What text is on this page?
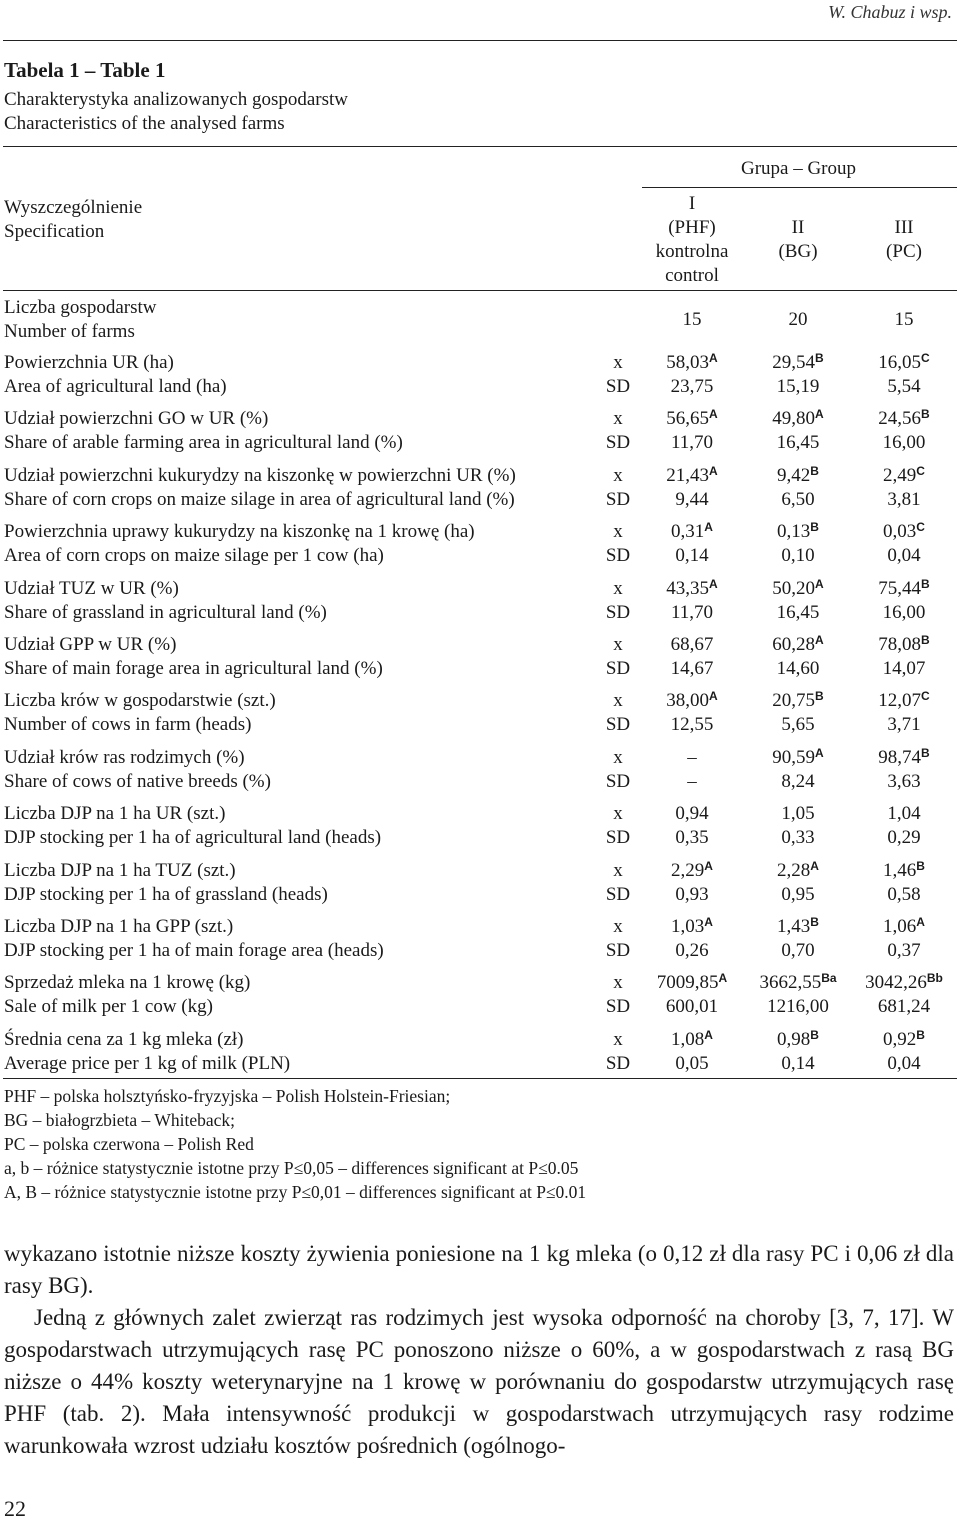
W. Chabuz i wsp.
Tabela 1 – Table 1
Charakterystyka analizowanych gospodarstw
Characteristics of the analysed farms
Grupa – Group
Wyszczególnienie
Specification
I
(PHF)
kontrolna
control
II
(BG)
III
(PC)
Liczba gospodarstw
Number of farms
15	20	15
Powierzchnia UR (ha)
Area of agricultural land (ha)
x
SD
$58,03^A$
23,75
$29,54^B$
15,19
$16,05^C$
5,54
Udział powierzchni GO w UR (%)
Share of arable farming area in agricultural land (%)
x
SD
$56,65^A$
11,70
$49,80^A$
16,45
$24,56^B$
16,00
Udział powierzchni kukurydzy na kiszonkę w powierzchni UR (%)
Share of corn crops on maize silage in area of agricultural land (%)
x
SD
$21,43^A$
9,44
$9,42^B$
6,50
$2,49^C$
3,81
Powierzchnia uprawy kukurydzy na kiszonkę na 1 krowę (ha)
Area of corn crops on maize silage per 1 cow (ha)
x
SD
$0,31^A$
0,14
$0,13^B$
0,10
$0,03^C$
0,04
Udział TUZ w UR (%)
Share of grassland in agricultural land (%)
x
SD
$43,35^A$
11,70
$50,20^A$
16,45
$75,44^B$
16,00
Udział GPP w UR (%)
Share of main forage area in agricultural land (%)
x
SD
68,67
14,67
$60,28^A$
14,60
$78,08^B$
14,07
Liczba krów w gospodarstwie (szt.)
Number of cows in farm (heads)
x
SD
$38,00^A$
12,55
$20,75^B$
5,65
$12,07^C$
3,71
Udział krów ras rodzimych (%)
Share of cows of native breeds (%)
x
SD
–
–
$90,59^A$
8,24
$98,74^B$
3,63
Liczba DJP na 1 ha UR (szt.)
DJP stocking per 1 ha of agricultural land (heads)
x
SD
0,94
0,35
1,05
0,33
1,04
0,29
Liczba DJP na 1 ha TUZ (szt.)
DJP stocking per 1 ha of grassland (heads)
x
SD
$2,29^A$
0,93
$2,28^A$
0,95
$1,46^B$
0,58
Liczba DJP na 1 ha GPP (szt.)
DJP stocking per 1 ha of main forage area (heads)
x
SD
$1,03^A$
0,26
$1,43^B$
0,70
$1,06^A$
0,37
Sprzedaż mleka na 1 krowę (kg)
Sale of milk per 1 cow (kg)
x
SD
$7009,85^A$
600,01
$3662,55^{Ba}$
1216,00
$3042,26^{Bb}$
681,24
Średnia cena za 1 kg mleka (zł)
Average price per 1 kg of milk (PLN)
x
SD
$1,08^A$
0,05
$0,98^B$
0,14
$0,92^B$
0,04
PHF – polska holsztyńsko-fryzyjska – Polish Holstein-Friesian;
BG – białogrzbieta – Whiteback;
PC – polska czerwona – Polish Red
a, b – różnice statystycznie istotne przy P≤0,05 – differences significant at P≤0.05
A, B – różnice statystycznie istotne przy P≤0,01 – differences significant at P≤0.01

wykazano istotnie niższe koszty żywienia poniesione na 1 kg mleka (o 0,12 zł dla rasy PC i 0,06 zł dla rasy BG).

Jedną z głównych zalet zwierząt ras rodzimych jest wysoka odporność na choroby [3, 7, 17]. W gospodarstwach utrzymujących rasę PC ponoszono niższe o 60%, a w gospodarstwach z rasą BG niższe o 44% koszty weterynaryjne na 1 krowę w porównaniu do gospodarstw utrzymujących rasę PHF (tab. 2). Mała intensywność produkcji w gospodarstwach utrzymujących rasy rodzime warunkowała wzrost udziału kosztów pośrednich (ogólnogo-

22
